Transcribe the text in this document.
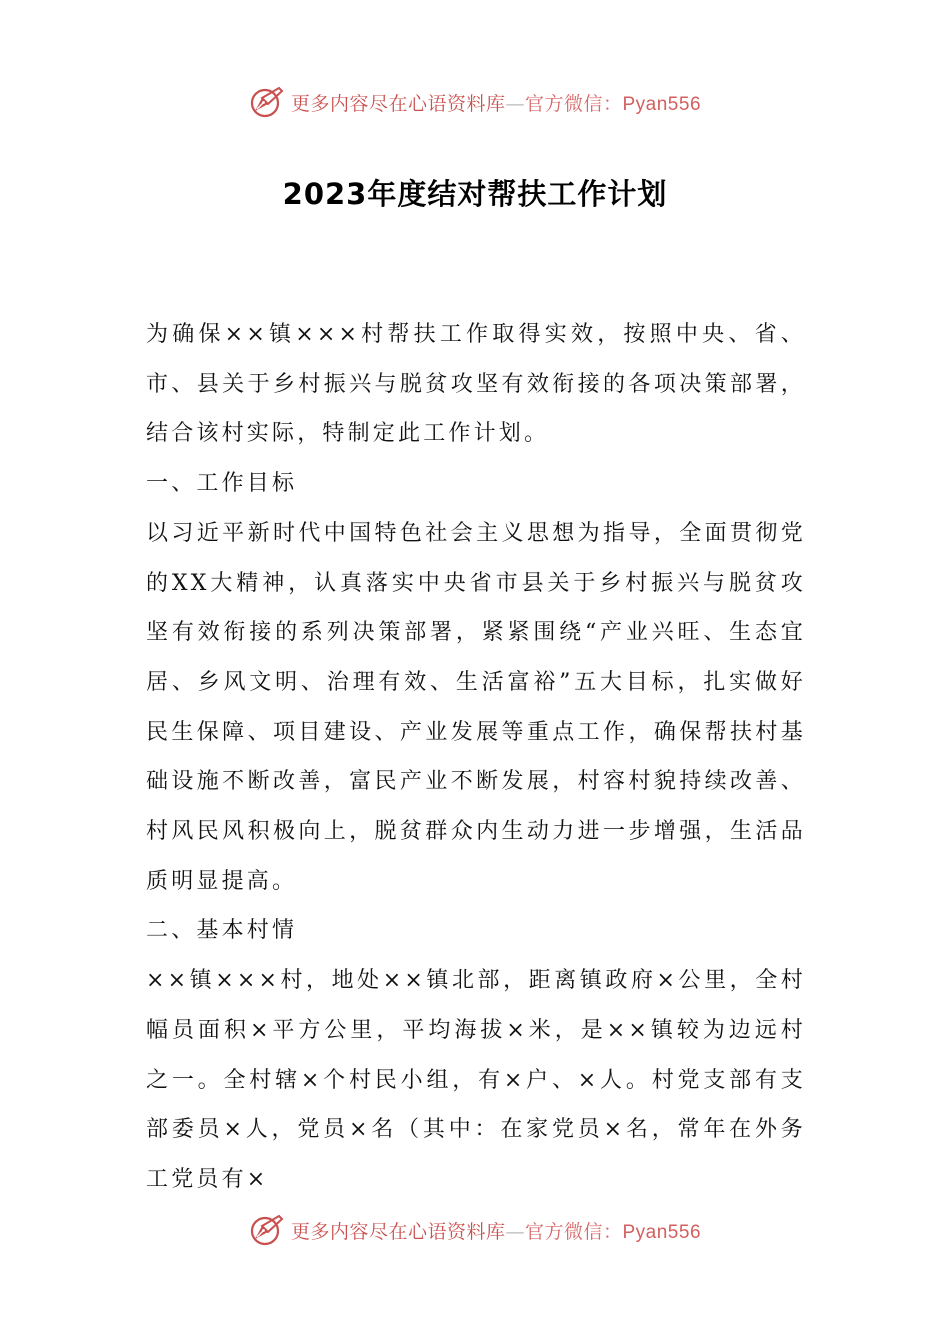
更多内容尽在心语资料库—官方微信：Pyan556
2023年度结对帮扶工作计划

为确保××镇×××村帮扶工作取得实效，按照中央、省、市、县关于乡村振兴与脱贫攻坚有效衔接的各项决策部署，结合该村实际，特制定此工作计划。

一、工作目标

以习近平新时代中国特色社会主义思想为指导，全面贯彻党的XX大精神，认真落实中央省市县关于乡村振兴与脱贫攻坚有效衔接的系列决策部署，紧紧围绕“产业兴旺、生态宜居、乡风文明、治理有效、生活富裕”五大目标，扎实做好民生保障、项目建设、产业发展等重点工作，确保帮扶村基础设施不断改善，富民产业不断发展，村容村貌持续改善、村风民风积极向上，脱贫群众内生动力进一步增强，生活品质明显提高。

二、基本村情

××镇×××村，地处××镇北部，距离镇政府×公里，全村幅员面积×平方公里，平均海拔×米，是××镇较为边远村之一。全村辖×个村民小组，有×户、×人。村党支部有支部委员×人，党员×名（其中：在家党员×名，常年在外务工党员有×

更多内容尽在心语资料库—官方微信：Pyan556
